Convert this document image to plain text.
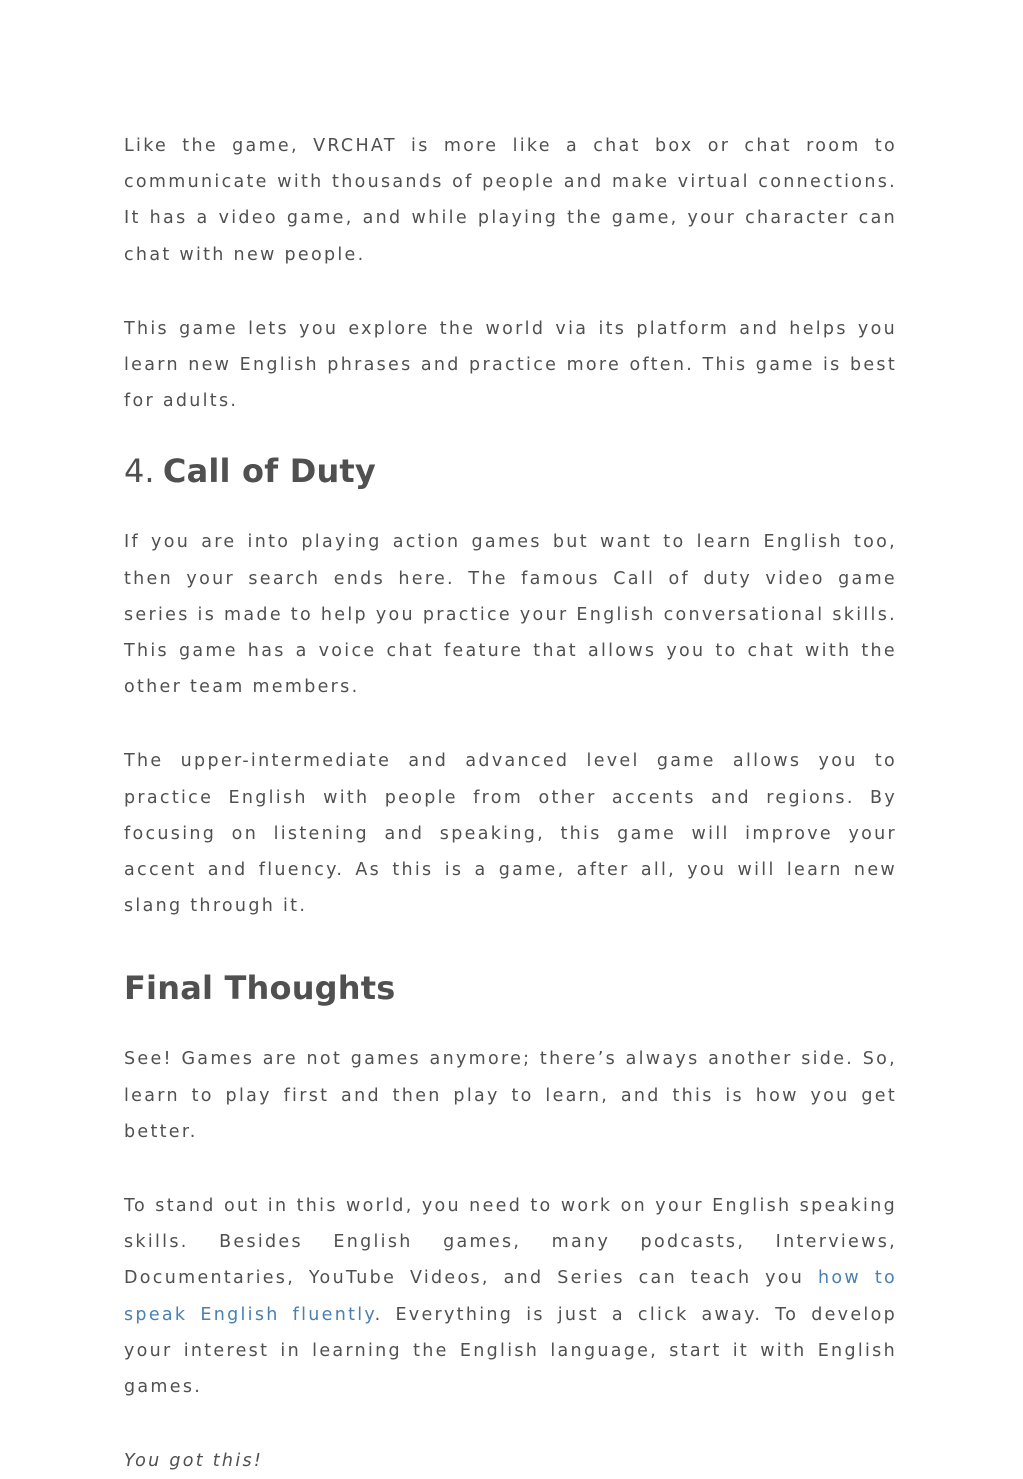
Like the game, VRCHAT is more like a chat box or chat room to communicate with thousands of people and make virtual connections. It has a video game, and while playing the game, your character can chat with new people.

This game lets you explore the world via its platform and helps you learn new English phrases and practice more often. This game is best for adults.

4. Call of Duty

If you are into playing action games but want to learn English too, then your search ends here. The famous Call of duty video game series is made to help you practice your English conversational skills. This game has a voice chat feature that allows you to chat with the other team members.

The upper-intermediate and advanced level game allows you to practice English with people from other accents and regions. By focusing on listening and speaking, this game will improve your accent and fluency. As this is a game, after all, you will learn new slang through it.

Final Thoughts

See! Games are not games anymore; there’s always another side. So, learn to play first and then play to learn, and this is how you get better.

To stand out in this world, you need to work on your English speaking skills. Besides English games, many podcasts, Interviews, Documentaries, YouTube Videos, and Series can teach you how to speak English fluently. Everything is just a click away. To develop your interest in learning the English language, start it with English games.

You got this!
